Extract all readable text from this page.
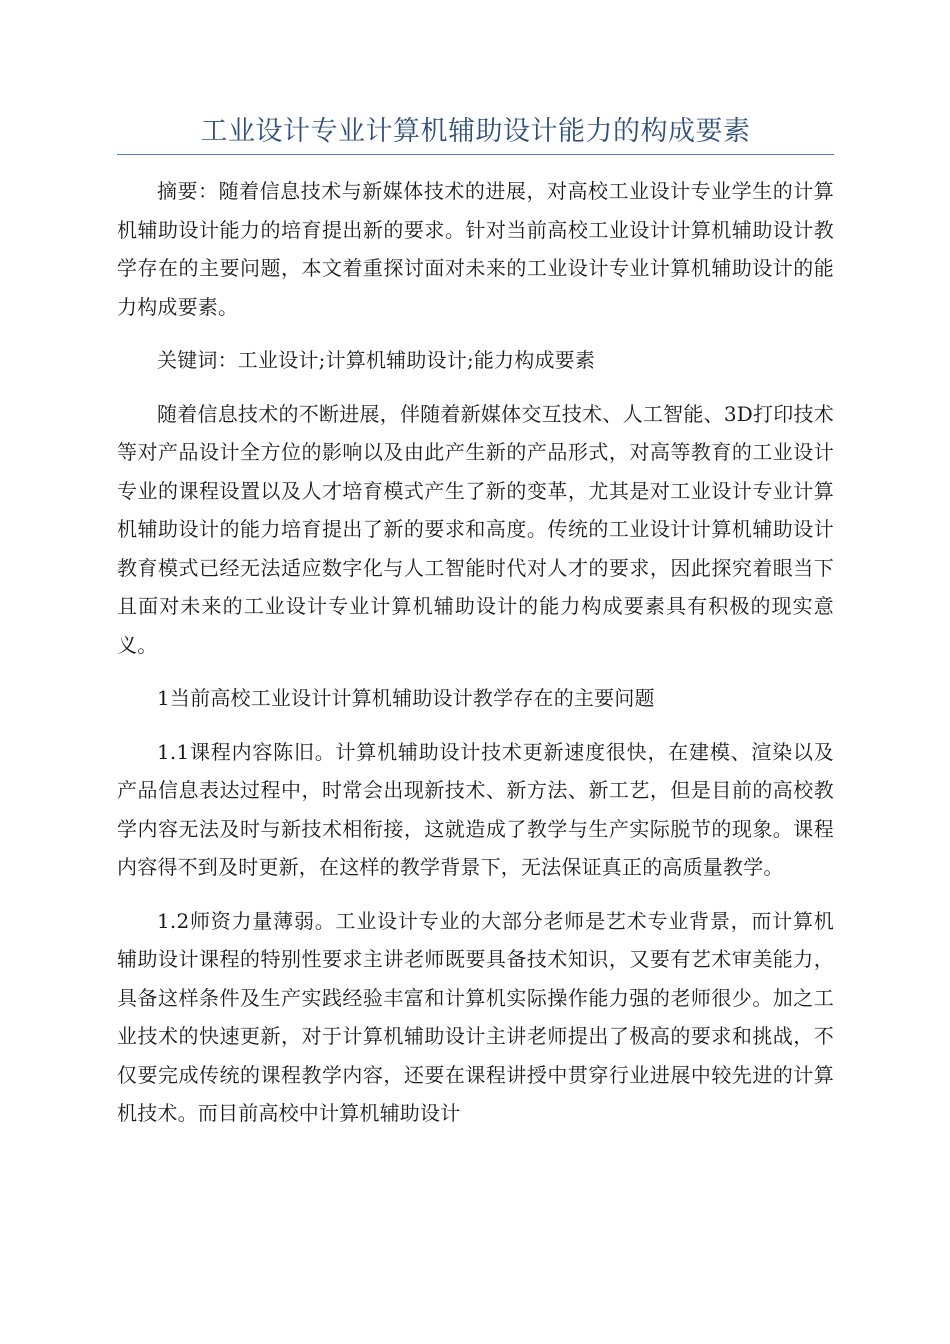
工业设计专业计算机辅助设计能力的构成要素

摘要：随着信息技术与新媒体技术的进展，对高校工业设计专业学生的计算机辅助设计能力的培育提出新的要求。针对当前高校工业设计计算机辅助设计教学存在的主要问题，本文着重探讨面对未来的工业设计专业计算机辅助设计的能力构成要素。

关键词：工业设计;计算机辅助设计;能力构成要素

随着信息技术的不断进展，伴随着新媒体交互技术、人工智能、3D打印技术等对产品设计全方位的影响以及由此产生新的产品形式，对高等教育的工业设计专业的课程设置以及人才培育模式产生了新的变革，尤其是对工业设计专业计算机辅助设计的能力培育提出了新的要求和高度。传统的工业设计计算机辅助设计教育模式已经无法适应数字化与人工智能时代对人才的要求，因此探究着眼当下且面对未来的工业设计专业计算机辅助设计的能力构成要素具有积极的现实意义。

1当前高校工业设计计算机辅助设计教学存在的主要问题

1.1课程内容陈旧。计算机辅助设计技术更新速度很快，在建模、渲染以及产品信息表达过程中，时常会出现新技术、新方法、新工艺，但是目前的高校教学内容无法及时与新技术相衔接，这就造成了教学与生产实际脱节的现象。课程内容得不到及时更新，在这样的教学背景下，无法保证真正的高质量教学。

1.2师资力量薄弱。工业设计专业的大部分老师是艺术专业背景，而计算机辅助设计课程的特别性要求主讲老师既要具备技术知识，又要有艺术审美能力，具备这样条件及生产实践经验丰富和计算机实际操作能力强的老师很少。加之工业技术的快速更新，对于计算机辅助设计主讲老师提出了极高的要求和挑战，不仅要完成传统的课程教学内容，还要在课程讲授中贯穿行业进展中较先进的计算机技术。而目前高校中计算机辅助设计
